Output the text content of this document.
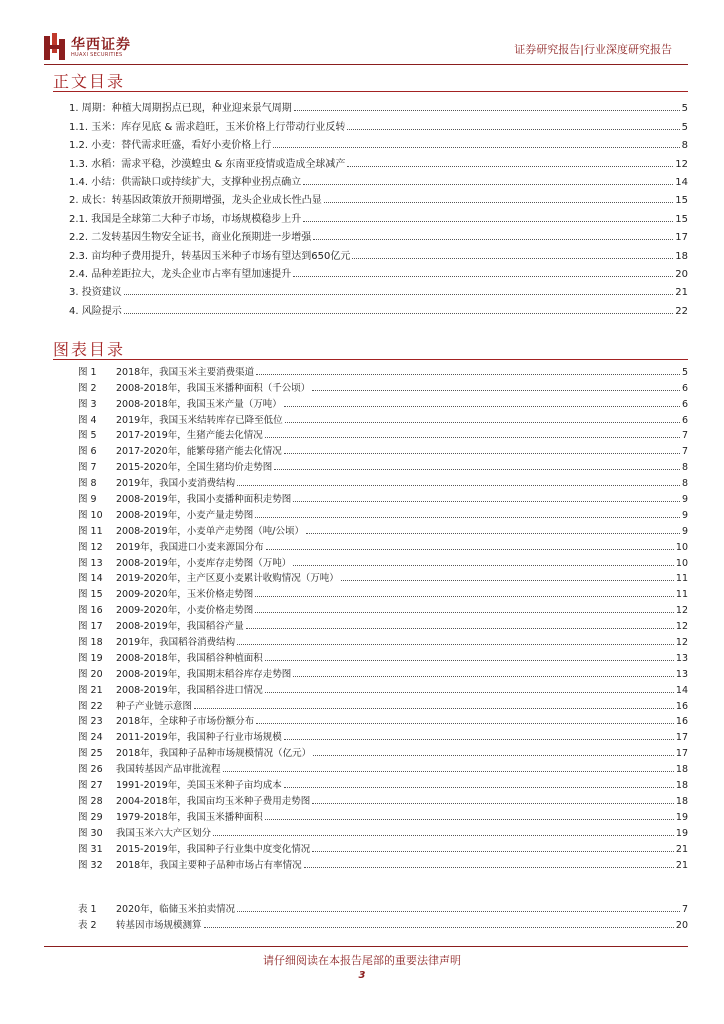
华西证券
HUAXI SECURITIES	证券研究报告|行业深度研究报告
正文目录
1. 周期：种植大周期拐点已现，种业迎来景气周期	5
1.1. 玉米：库存见底 & 需求趋旺，玉米价格上行带动行业反转	5
1.2. 小麦：替代需求旺盛，看好小麦价格上行	8
1.3. 水稻：需求平稳，沙漠蝗虫 & 东南亚疫情或造成全球减产	12
1.4. 小结：供需缺口或持续扩大，支撑种业拐点确立	14
2. 成长：转基因政策放开预期增强，龙头企业成长性凸显	15
2.1. 我国是全球第二大种子市场，市场规模稳步上升	15
2.2. 二发转基因生物安全证书，商业化预期进一步增强	17
2.3. 亩均种子费用提升，转基因玉米种子市场有望达到650亿元	18
2.4. 品种差距拉大，龙头企业市占率有望加速提升	20
3. 投资建议	21
4. 风险提示	22
图表目录
图 1	2018年，我国玉米主要消费渠道	5
图 2	2008-2018年，我国玉米播种面积（千公顷）	6
图 3	2008-2018年，我国玉米产量（万吨）	6
图 4	2019年，我国玉米结转库存已降至低位	6
图 5	2017-2019年，生猪产能去化情况	7
图 6	2017-2020年，能繁母猪产能去化情况	7
图 7	2015-2020年，全国生猪均价走势图	8
图 8	2019年，我国小麦消费结构	8
图 9	2008-2019年，我国小麦播种面积走势图	9
图 10	2008-2019年，小麦产量走势图	9
图 11	2008-2019年，小麦单产走势图（吨/公顷）	9
图 12	2019年，我国进口小麦来源国分布	10
图 13	2008-2019年，小麦库存走势图（万吨）	10
图 14	2019-2020年，主产区夏小麦累计收购情况（万吨）	11
图 15	2009-2020年，玉米价格走势图	11
图 16	2009-2020年，小麦价格走势图	12
图 17	2008-2019年，我国稻谷产量	12
图 18	2019年，我国稻谷消费结构	12
图 19	2008-2018年，我国稻谷种植面积	13
图 20	2008-2019年，我国期末稻谷库存走势图	13
图 21	2008-2019年，我国稻谷进口情况	14
图 22	种子产业链示意图	16
图 23	2018年，全球种子市场份额分布	16
图 24	2011-2019年，我国种子行业市场规模	17
图 25	2018年，我国种子品种市场规模情况（亿元）	17
图 26	我国转基因产品审批流程	18
图 27	1991-2019年，美国玉米种子亩均成本	18
图 28	2004-2018年，我国亩均玉米种子费用走势图	18
图 29	1979-2018年，我国玉米播种面积	19
图 30	我国玉米六大产区划分	19
图 31	2015-2019年，我国种子行业集中度变化情况	21
图 32	2018年，我国主要种子品种市场占有率情况	21
表 1	2020年，临储玉米拍卖情况	7
表 2	转基因市场规模测算	20
请仔细阅读在本报告尾部的重要法律声明
3
